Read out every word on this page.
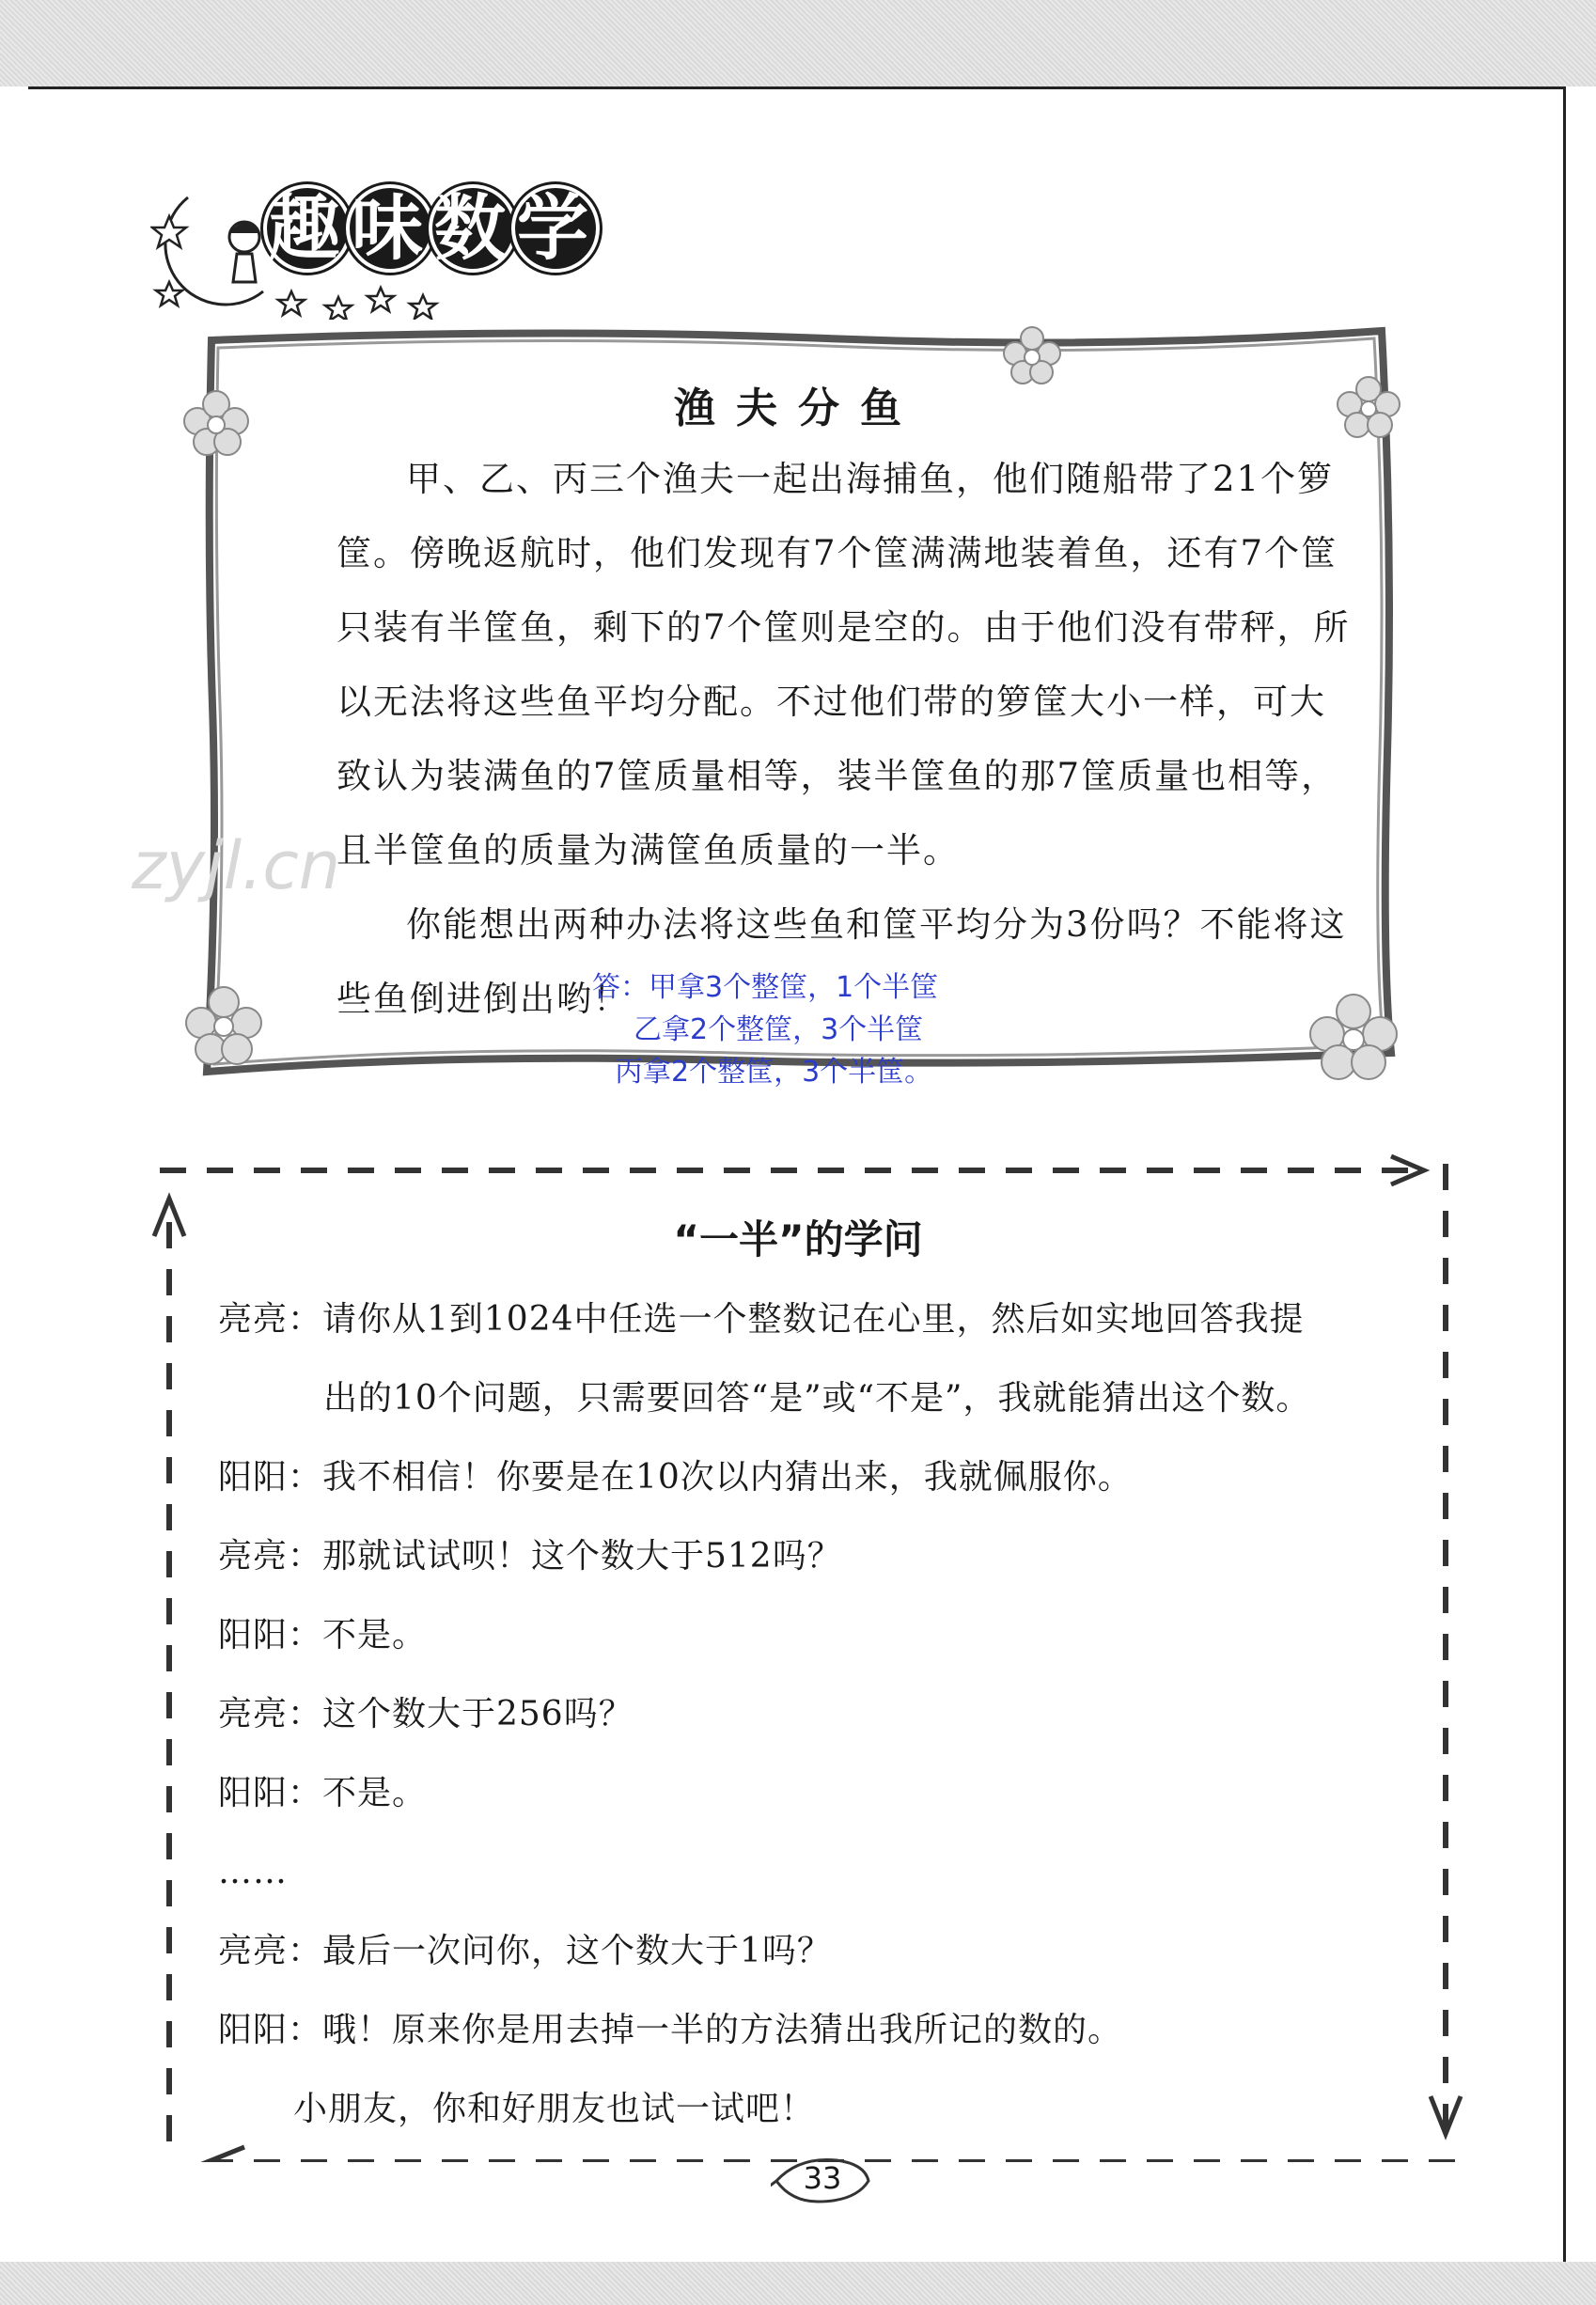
趣味数学
渔夫分鱼
zyjl.cn

甲、乙、丙三个渔夫一起出海捕鱼，他们随船带了21个箩筐。傍晚返航时，他们发现有7个筐满满地装着鱼，还有7个筐只装有半筐鱼，剩下的7个筐则是空的。由于他们没有带秤，所以无法将这些鱼平均分配。不过他们带的箩筐大小一样，可大致认为装满鱼的7筐质量相等，装半筐鱼的那7筐质量也相等，且半筐鱼的质量为满筐鱼质量的一半。

你能想出两种办法将这些鱼和筐平均分为3份吗？不能将这些鱼倒进倒出哟！

答：甲拿3个整筐，1个半筐
乙拿2个整筐，3个半筐
丙拿2个整筐，3个半筐。
“一半”的学问
亮亮：请你从1到1024中任选一个整数记在心里，然后如实地回答我提
出的10个问题，只需要回答“是”或“不是”，我就能猜出这个数。
阳阳：我不相信！你要是在10次以内猜出来，我就佩服你。
亮亮：那就试试呗！这个数大于512吗？
阳阳：不是。
亮亮：这个数大于256吗？
阳阳：不是。
……
亮亮：最后一次问你，这个数大于1吗？
阳阳：哦！原来你是用去掉一半的方法猜出我所记的数的。
小朋友，你和好朋友也试一试吧！
33
